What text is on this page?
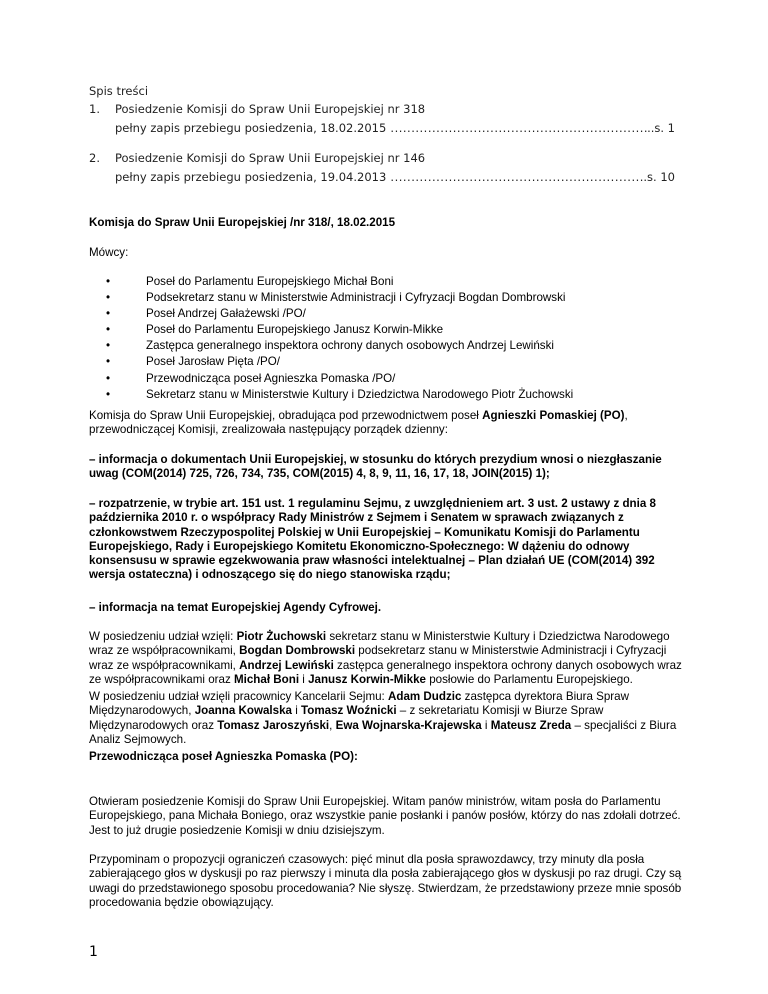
Spis treści
1. Posiedzenie Komisji do Spraw Unii Europejskiej nr 318
pełny zapis przebiegu posiedzenia, 18.02.2015 .....	..s. 1
2. Posiedzenie Komisji do Spraw Unii Europejskiej nr 146
pełny zapis przebiegu posiedzenia, 19.04.2013 .....	.s. 10
Komisja do Spraw Unii Europejskiej /nr 318/, 18.02.2015
Mówcy:
•	Poseł do Parlamentu Europejskiego Michał Boni
•	Podsekretarz stanu w Ministerstwie Administracji i Cyfryzacji Bogdan Dombrowski
•	Poseł Andrzej Gałażewski /PO/
•	Poseł do Parlamentu Europejskiego Janusz Korwin-Mikke
•	Zastępca generalnego inspektora ochrony danych osobowych Andrzej Lewiński
•	Poseł Jarosław Pięta /PO/
•	Przewodnicząca poseł Agnieszka Pomaska /PO/
•	Sekretarz stanu w Ministerstwie Kultury i Dziedzictwa Narodowego Piotr Żuchowski
Komisja do Spraw Unii Europejskiej, obradująca pod przewodnictwem poseł Agnieszki Pomaskiej (PO), przewodniczącej Komisji, zrealizowała następujący porządek dzienny:
– informacja o dokumentach Unii Europejskiej, w stosunku do których prezydium wnosi o niezgłaszanie uwag (COM(2014) 725, 726, 734, 735, COM(2015) 4, 8, 9, 11, 16, 17, 18, JOIN(2015) 1);
– rozpatrzenie, w trybie art. 151 ust. 1 regulaminu Sejmu, z uwzględnieniem art. 3 ust. 2 ustawy z dnia 8 października 2010 r. o współpracy Rady Ministrów z Sejmem i Senatem w sprawach związanych z członkowstwem Rzeczypospolitej Polskiej w Unii Europejskiej – Komunikatu Komisji do Parlamentu Europejskiego, Rady i Europejskiego Komitetu Ekonomiczno-Społecznego: W dążeniu do odnowy konsensusu w sprawie egzekwowania praw własności intelektualnej – Plan działań UE (COM(2014) 392 wersja ostateczna) i odnoszącego się do niego stanowiska rządu;
– informacja na temat Europejskiej Agendy Cyfrowej.
W posiedzeniu udział wzięli: Piotr Żuchowski sekretarz stanu w Ministerstwie Kultury i Dziedzictwa Narodowego wraz ze współpracownikami, Bogdan Dombrowski podsekretarz stanu w Ministerstwie Administracji i Cyfryzacji wraz ze współpracownikami, Andrzej Lewiński zastępca generalnego inspektora ochrony danych osobowych wraz ze współpracownikami oraz Michał Boni i Janusz Korwin-Mikke posłowie do Parlamentu Europejskiego.
W posiedzeniu udział wzięli pracownicy Kancelarii Sejmu: Adam Dudzic zastępca dyrektora Biura Spraw Międzynarodowych, Joanna Kowalska i Tomasz Woźnicki – z sekretariatu Komisji w Biurze Spraw Międzynarodowych oraz Tomasz Jaroszyński, Ewa Wojnarska-Krajewska i Mateusz Zreda – specjaliści z Biura Analiz Sejmowych.
Przewodnicząca poseł Agnieszka Pomaska (PO):
Otwieram posiedzenie Komisji do Spraw Unii Europejskiej. Witam panów ministrów, witam posła do Parlamentu Europejskiego, pana Michała Boniego, oraz wszystkie panie posłanki i panów posłów, którzy do nas zdołali dotrzeć. Jest to już drugie posiedzenie Komisji w dniu dzisiejszym.
Przypominam o propozycji ograniczeń czasowych: pięć minut dla posła sprawozdawcy, trzy minuty dla posła zabierającego głos w dyskusji po raz pierwszy i minuta dla posła zabierającego głos w dyskusji po raz drugi. Czy są uwagi do przedstawionego sposobu procedowania? Nie słyszę. Stwierdzam, że przedstawiony przeze mnie sposób procedowania będzie obowiązujący.
1
